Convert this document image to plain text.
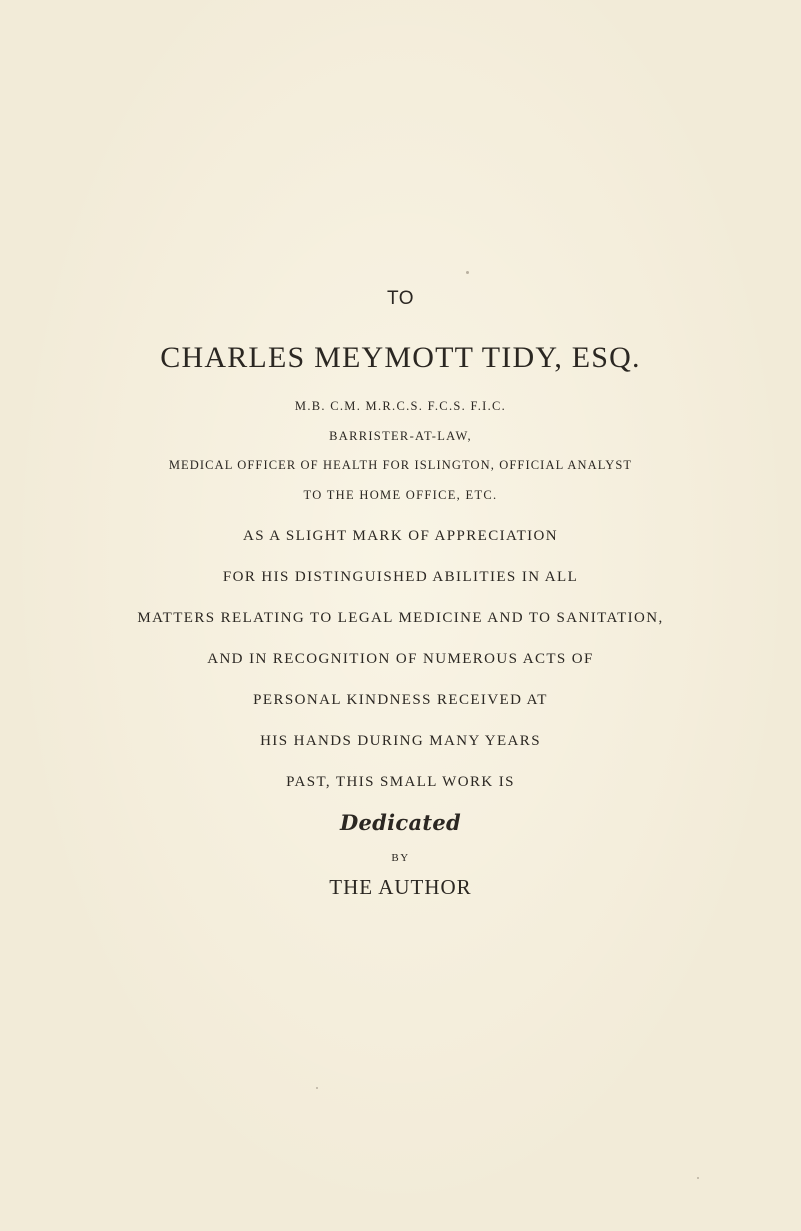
TO

CHARLES MEYMOTT TIDY, ESQ.

M.B. C.M. M.R.C.S. F.C.S. F.I.C.

BARRISTER-AT-LAW,

MEDICAL OFFICER OF HEALTH FOR ISLINGTON, OFFICIAL ANALYST

TO THE HOME OFFICE, ETC.

AS A SLIGHT MARK OF APPRECIATION

FOR HIS DISTINGUISHED ABILITIES IN ALL

MATTERS RELATING TO LEGAL MEDICINE AND TO SANITATION,

AND IN RECOGNITION OF NUMEROUS ACTS OF

PERSONAL KINDNESS RECEIVED AT

HIS HANDS DURING MANY YEARS

PAST, THIS SMALL WORK IS

Dedicated

BY

THE AUTHOR
